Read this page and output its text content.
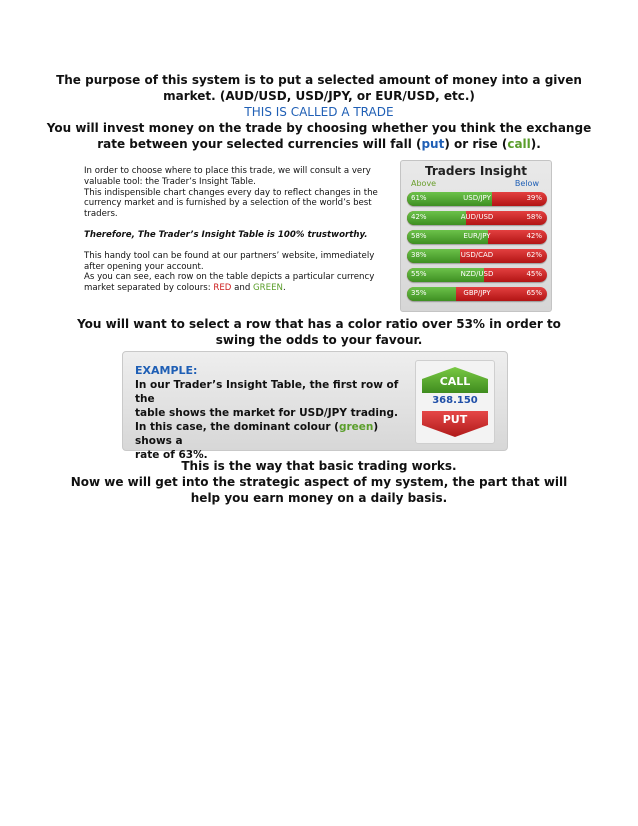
The purpose of this system is to put a selected amount of money into a given
market. (AUD/USD, USD/JPY, or EUR/USD, etc.)
THIS IS CALLED A TRADE
You will invest money on the trade by choosing whether you think the exchange
rate between your selected currencies will fall (put) or rise (call).
In order to choose where to place this trade, we will consult a very
valuable tool: the Trader’s Insight Table.
This indispensible chart changes every day to reflect changes in the
currency market and is furnished by a selection of the world’s best
traders.
Therefore, The Trader’s Insight Table is 100% trustworthy.
This handy tool can be found at our partners’ website, immediately
after opening your account.
As you can see, each row on the table depicts a particular currency
market separated by colours: RED and GREEN.
Traders Insight
Above	Below
61%	USD/JPY	39%
42%	AUD/USD	58%
58%	EUR/JPY	42%
38%	USD/CAD	62%
55%	NZD/USD	45%
35%	GBP/JPY	65%
You will want to select a row that has a color ratio over 53% in order to
swing the odds to your favour.
EXAMPLE:
In our Trader’s Insight Table, the first row of the
table shows the market for USD/JPY trading.
In this case, the dominant colour (green) shows a
rate of 63%.
CALL
368.150
PUT
This is the way that basic trading works.
Now we will get into the strategic aspect of my system, the part that will
help you earn money on a daily basis.
